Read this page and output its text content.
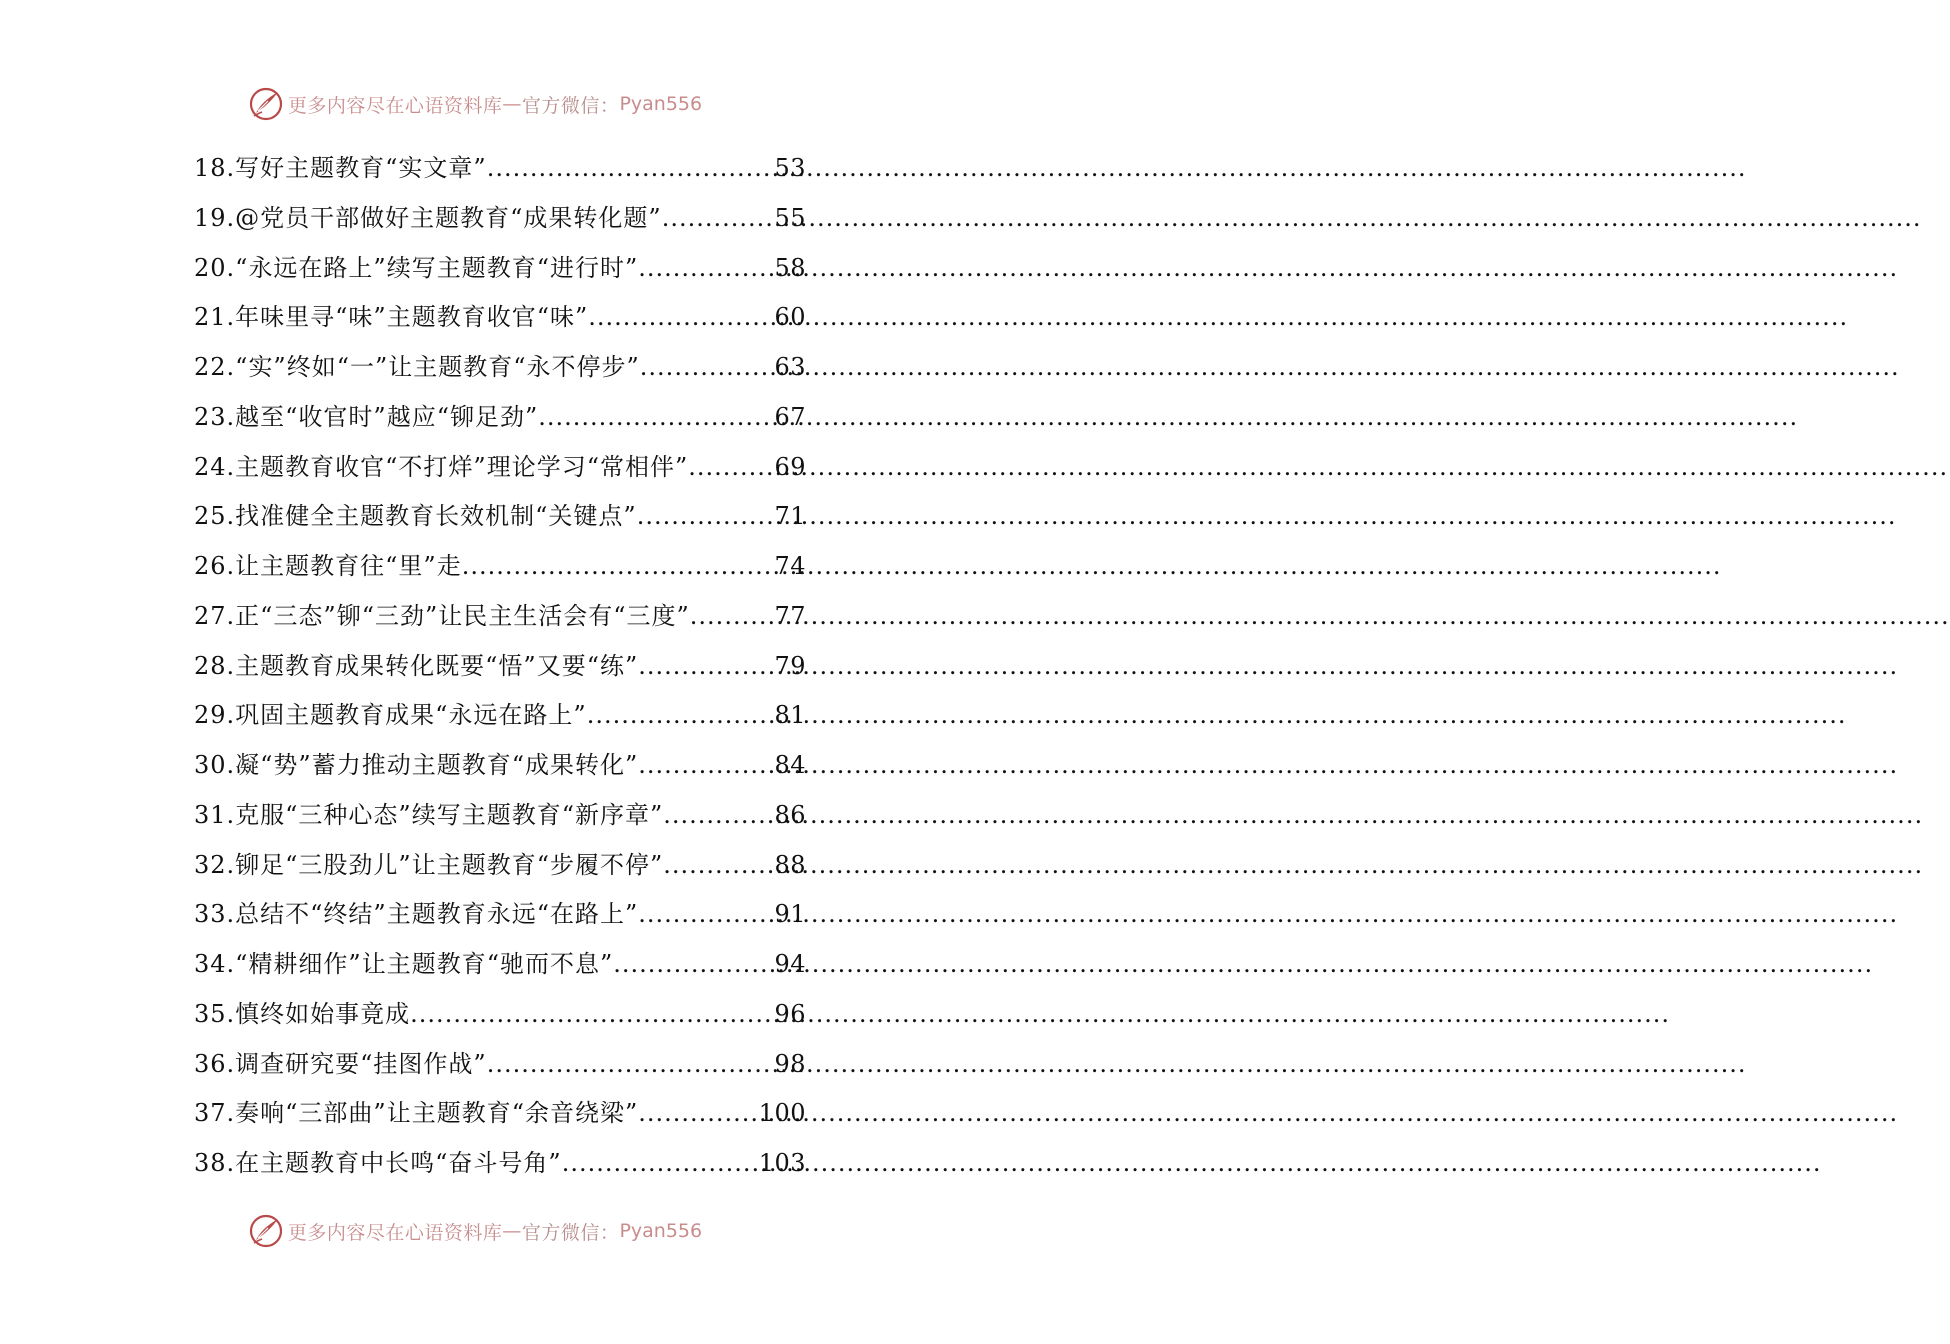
更多内容尽在心语资料库 — 官方微信： Pyan556
18.写好主题教育“实文章” .....	53
19.@党员干部做好主题教育“成果转化题” .....	55
20.“永远在路上”续写主题教育“进行时” .....	58
21.年味里寻“味”主题教育收官“味” .....	60
22.“实”终如“一”让主题教育“永不停步” .....	63
23.越至“收官时”越应“铆足劲” .....	67
24.主题教育收官“不打烊”理论学习“常相伴” .....	69
25.找准健全主题教育长效机制“关键点” .....	71
26.让主题教育往“里”走 .....	74
27.正“三态”铆“三劲”让民主生活会有“三度” .....	77
28.主题教育成果转化既要“悟”又要“练” .....	79
29.巩固主题教育成果“永远在路上” .....	81
30.凝“势”蓄力推动主题教育“成果转化” .....	84
31.克服“三种心态”续写主题教育“新序章” .....	86
32.铆足“三股劲儿”让主题教育“步履不停” .....	88
33.总结不“终结”主题教育永远“在路上” .....	91
34.“精耕细作”让主题教育“驰而不息” .....	94
35.慎终如始事竟成 .....	96
36.调查研究要“挂图作战” .....	98
37.奏响“三部曲”让主题教育“余音绕梁” .....	100
38.在主题教育中长鸣“奋斗号角” .....	103
更多内容尽在心语资料库 — 官方微信： Pyan556
